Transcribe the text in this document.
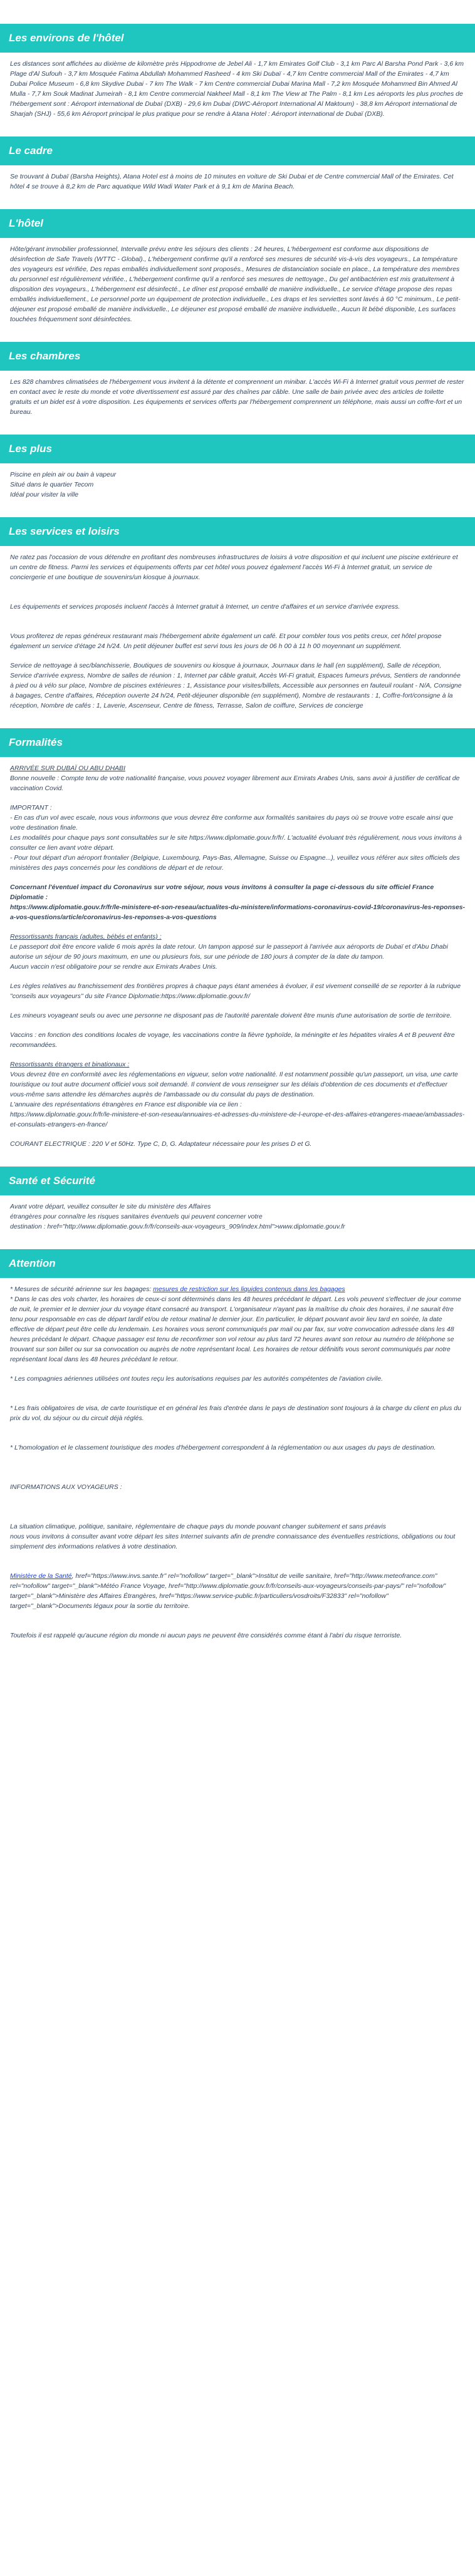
Les environs de l'hôtel

Les distances sont affichées au dixième de kilomètre près Hippodrome de Jebel Ali - 1,7 km Emirates Golf Club - 3,1 km Parc Al Barsha Pond Park - 3,6 km Plage d'Al Sufouh - 3,7 km Mosquée Fatima Abdullah Mohammed Rasheed - 4 km Ski Dubaï - 4,7 km Centre commercial Mall of the Emirates - 4,7 km Dubai Police Museum - 6,8 km Skydive Dubai - 7 km The Walk - 7 km Centre commercial Dubai Marina Mall - 7,2 km Mosquée Mohammed Bin Ahmed Al Mulla - 7,7 km Souk Madinat Jumeirah - 8,1 km Centre commercial Nakheel Mall - 8,1 km The View at The Palm - 8,1 km Les aéroports les plus proches de l'hébergement sont : Aéroport international de Dubaï (DXB) - 29,6 km Dubai (DWC-Aéroport International Al Maktoum) - 38,8 km Aéroport international de Sharjah (SHJ) - 55,6 km Aéroport principal le plus pratique pour se rendre à Atana Hotel : Aéroport international de Dubaï (DXB).

Le cadre

Se trouvant à Dubaï (Barsha Heights), Atana Hotel est à moins de 10 minutes en voiture de Ski Dubai et de Centre commercial Mall of the Emirates. Cet hôtel 4 se trouve à 8,2 km de Parc aquatique Wild Wadi Water Park et à 9,1 km de Marina Beach.

L'hôtel

Hôte/gérant immobilier professionnel, Intervalle prévu entre les séjours des clients : 24 heures, L'hébergement est conforme aux dispositions de désinfection de Safe Travels (WTTC - Global)., L'hébergement confirme qu'il a renforcé ses mesures de sécurité vis-à-vis des voyageurs., La température des voyageurs est vérifiée, Des repas emballés individuellement sont proposés., Mesures de distanciation sociale en place., La température des membres du personnel est régulièrement vérifiée., L'hébergement confirme qu'il a renforcé ses mesures de nettoyage., Du gel antibactérien est mis gratuitement à disposition des voyageurs., L'hébergement est désinfecté., Le dîner est proposé emballé de manière individuelle., Le service d'étage propose des repas emballés individuellement., Le personnel porte un équipement de protection individuelle., Les draps et les serviettes sont lavés à 60 °C minimum., Le petit-déjeuner est proposé emballé de manière individuelle., Le déjeuner est proposé emballé de manière individuelle., Aucun lit bébé disponible, Les surfaces touchées fréquemment sont désinfectées.

Les chambres

Les 828 chambres climatisées de l'hébergement vous invitent à la détente et comprennent un minibar. L'accès Wi-Fi à Internet gratuit vous permet de rester en contact avec le reste du monde et votre divertissement est assuré par des chaînes par câble. Une salle de bain privée avec des articles de toilette gratuits et un bidet est à votre disposition. Les équipements et services offerts par l'hébergement comprennent un téléphone, mais aussi un coffre-fort et un bureau.

Les plus

Piscine en plein air ou bain à vapeur

Situé dans le quartier Tecom

Idéal pour visiter la ville

Les services et loisirs

Ne ratez pas l'occasion de vous détendre en profitant des nombreuses infrastructures de loisirs à votre disposition et qui incluent une piscine extérieure et un centre de fitness. Parmi les services et équipements offerts par cet hôtel vous pouvez également l'accès Wi-Fi à Internet gratuit, un service de conciergerie et une boutique de souvenirs/un kiosque à journaux.

Les équipements et services proposés incluent l'accès à Internet gratuit à Internet, un centre d'affaires et un service d'arrivée express.

Vous profiterez de repas généreux restaurant mais l'hébergement abrite également un café. Et pour combler tous vos petits creux, cet hôtel propose également un service d'étage 24 h/24. Un petit déjeuner buffet est servi tous les jours de 06 h 00 à 11 h 00 moyennant un supplément.

Service de nettoyage à sec/blanchisserie, Boutiques de souvenirs ou kiosque à journaux, Journaux dans le hall (en supplément), Salle de réception, Service d'arrivée express, Nombre de salles de réunion : 1, Internet par câble gratuit, Accès Wi-Fi gratuit, Espaces fumeurs prévus, Sentiers de randonnée à pied ou à vélo sur place, Nombre de piscines extérieures : 1, Assistance pour visites/billets, Accessible aux personnes en fauteuil roulant - N/A, Consigne à bagages, Centre d'affaires, Réception ouverte 24 h/24, Petit-déjeuner disponible (en supplément), Nombre de restaurants : 1, Coffre-fort/consigne à la réception, Nombre de cafés : 1, Laverie, Ascenseur, Centre de fitness, Terrasse, Salon de coiffure, Services de concierge

Formalités

ARRIVÉE SUR DUBAÏ OU ABU DHABI

Bonne nouvelle : Compte tenu de votre nationalité française, vous pouvez voyager librement aux Emirats Arabes Unis, sans avoir à justifier de certificat de vaccination Covid.

IMPORTANT :

- En cas d'un vol avec escale, nous vous informons que vous devrez être conforme aux formalités sanitaires du pays où se trouve votre escale ainsi que votre destination finale.

Les modalités pour chaque pays sont consultables sur le site https://www.diplomatie.gouv.fr/fr/. L'actualité évoluant très régulièrement, nous vous invitons à consulter ce lien avant votre départ.

- Pour tout départ d'un aéroport frontalier (Belgique, Luxembourg, Pays-Bas, Allemagne, Suisse ou Espagne...), veuillez vous référer aux sites officiels des ministères des pays concernés pour les conditions de départ et de retour.

Concernant l'éventuel impact du Coronavirus sur votre séjour, nous vous invitons à consulter la page ci-dessous du site officiel France Diplomatie :

https://www.diplomatie.gouv.fr/fr/le-ministere-et-son-reseau/actualites-du-ministere/informations-coronavirus-covid-19/coronavirus-les-reponses-a-vos-questions/article/coronavirus-les-reponses-a-vos-questions

Ressortissants français (adultes, bébés et enfants) :

Le passeport doit être encore valide 6 mois après la date retour. Un tampon apposé sur le passeport à l'arrivée aux aéroports de Dubaï et d'Abu Dhabi autorise un séjour de 90 jours maximum, en une ou plusieurs fois, sur une période de 180 jours à compter de la date du tampon.

Aucun vaccin n'est obligatoire pour se rendre aux Emirats Arabes Unis.

Les règles relatives au franchissement des frontières propres à chaque pays étant amenées à évoluer, il est vivement conseillé de se reporter à la rubrique "conseils aux voyageurs" du site France Diplomatie:https://www.diplomatie.gouv.fr/

Les mineurs voyageant seuls ou avec une personne ne disposant pas de l'autorité parentale doivent être munis d'une autorisation de sortie de territoire.

Vaccins : en fonction des conditions locales de voyage, les vaccinations contre la fièvre typhoïde, la méningite et les hépatites virales A et B peuvent être recommandées.

Ressortissants étrangers et binationaux :

Vous devrez être en conformité avec les réglementations en vigueur, selon votre nationalité. Il est notamment possible qu'un passeport, un visa, une carte touristique ou tout autre document officiel vous soit demandé. Il convient de vous renseigner sur les délais d'obtention de ces documents et d'effectuer vous-même sans attendre les démarches auprès de l'ambassade ou du consulat du pays de destination.

L'annuaire des représentations étrangères en France est disponible via ce lien :

https://www.diplomatie.gouv.fr/fr/le-ministere-et-son-reseau/annuaires-et-adresses-du-ministere-de-l-europe-et-des-affaires-etrangeres-maeae/ambassades-et-consulats-etrangers-en-france/

COURANT ELECTRIQUE : 220 V et 50Hz. Type C, D, G. Adaptateur nécessaire pour les prises D et G.

Santé et Sécurité

Avant votre départ, veuillez consulter le site du ministère des Affaires

étrangères pour connaître les risques sanitaires éventuels qui peuvent concerner votre

destination : href="http://www.diplomatie.gouv.fr/fr/conseils-aux-voyageurs_909/index.html">www.diplomatie.gouv.fr

Attention

* Mesures de sécurité aérienne sur les bagages: mesures de restriction sur les liquides contenus dans les bagages

* Dans le cas des vols charter, les horaires de ceux-ci sont déterminés dans les 48 heures précédant le départ. Les vols peuvent s'effectuer de jour comme de nuit, le premier et le dernier jour du voyage étant consacré au transport. L'organisateur n'ayant pas la maîtrise du choix des horaires, il ne saurait être tenu pour responsable en cas de départ tardif et/ou de retour matinal le dernier jour. En particulier, le départ pouvant avoir lieu tard en soirée, la date effective de départ peut être celle du lendemain. Les horaires vous seront communiqués par mail ou par fax, sur votre convocation adressée dans les 48 heures précédant le départ. Chaque passager est tenu de reconfirmer son vol retour au plus tard 72 heures avant son retour au numéro de téléphone se trouvant sur son billet ou sur sa convocation ou auprès de notre représentant local. Les horaires de retour définitifs vous seront communiqués par notre représentant local dans les 48 heures précédant le retour.

* Les compagnies aériennes utilisées ont toutes reçu les autorisations requises par les autorités compétentes de l'aviation civile.

* Les frais obligatoires de visa, de carte touristique et en général les frais d'entrée dans le pays de destination sont toujours à la charge du client en plus du prix du vol, du séjour ou du circuit déjà réglés.

* L'homologation et le classement touristique des modes d'hébergement correspondent à la réglementation ou aux usages du pays de destination.

INFORMATIONS AUX VOYAGEURS :

La situation climatique, politique, sanitaire, réglementaire de chaque pays du monde pouvant changer subitement et sans préavis

nous vous invitons à consulter avant votre départ les sites Internet suivants afin de prendre connaissance des éventuelles restrictions, obligations ou tout simplement des informations relatives à votre destination.

Ministère de la Santé, href="https://www.invs.sante.fr" rel="nofollow" target="_blank">Institut de veille sanitaire, href="http://www.meteofrance.com" rel="nofollow" target="_blank">Météo France Voyage, href="http://www.diplomatie.gouv.fr/fr/conseils-aux-voyageurs/conseils-par-pays/" rel="nofollow" target="_blank">Ministère des Affaires Étrangères, href="https://www.service-public.fr/particuliers/vosdroits/F32833" rel="nofollow" target="_blank">Documents légaux pour la sortie du territoire.

Toutefois il est rappelé qu'aucune région du monde ni aucun pays ne peuvent être considérés comme étant à l'abri du risque terroriste.
